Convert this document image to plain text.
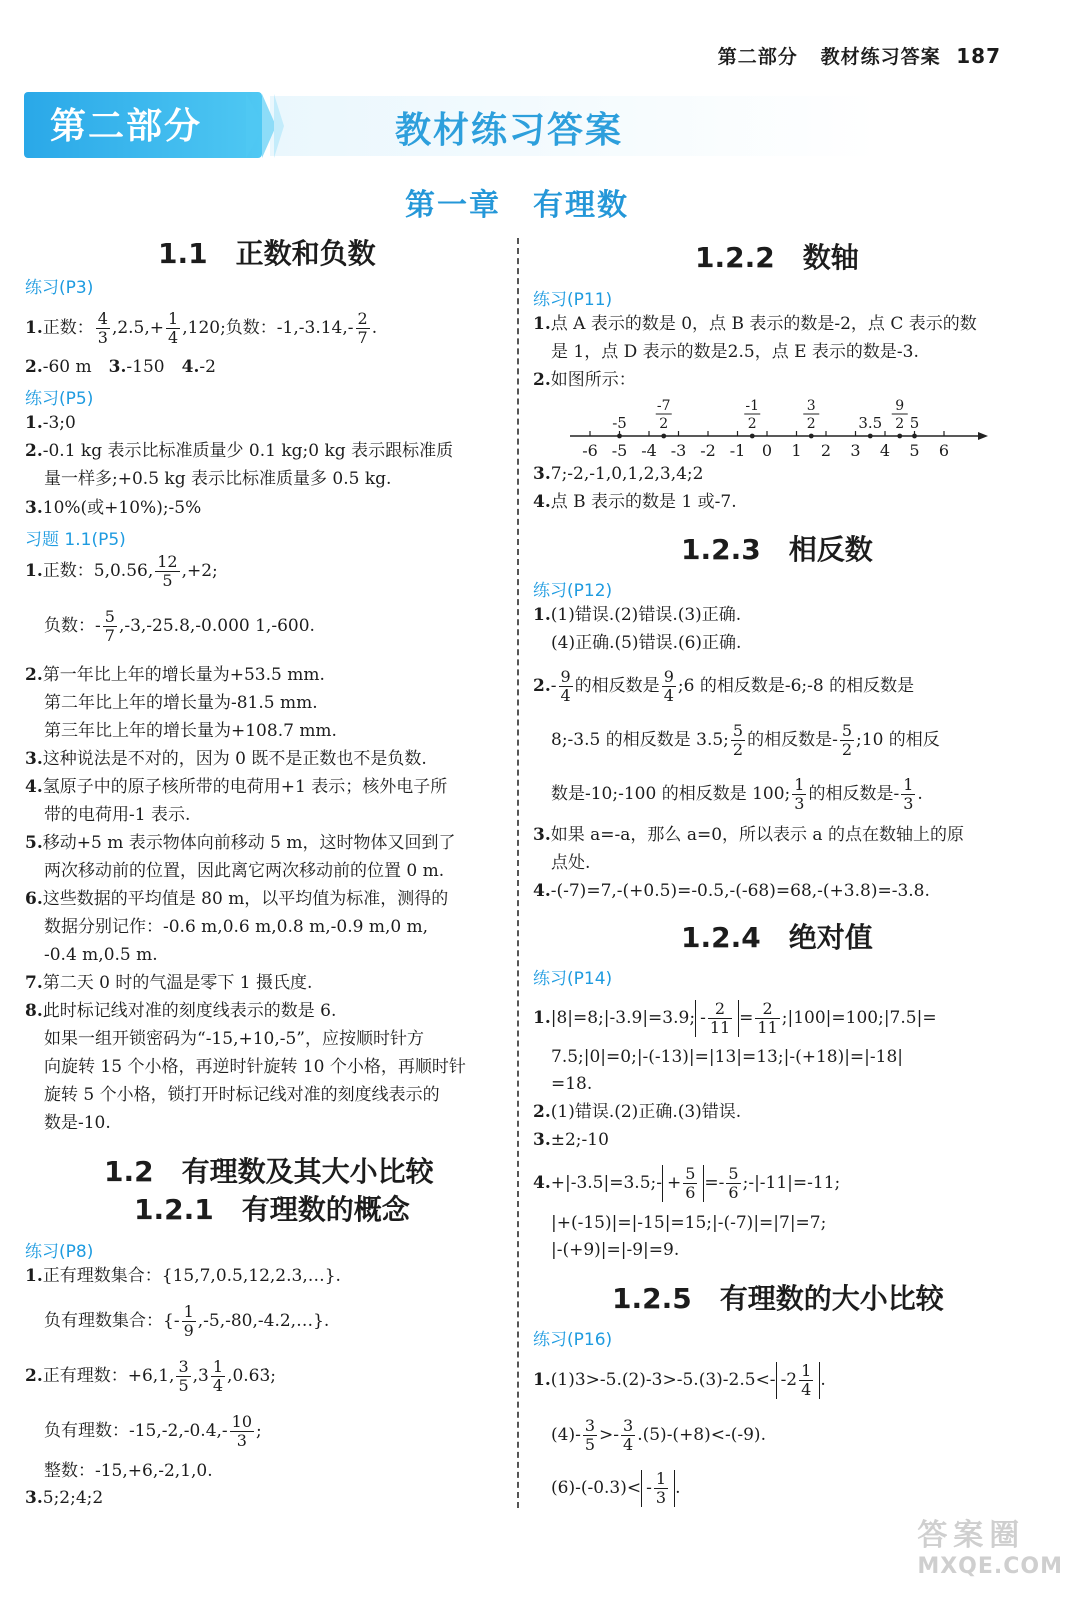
第二部分 教材练习答案 187
第二部分	教材练习答案
第一章　有理数
1.1　正数和负数
练习(P3)
1.正数： $\frac{4}{3} ,2.5,+ \frac{1}{4} ,120$;负数：$-1,-3.14,- \frac{2}{7}$ .
2.-60 m　3.-150　4.-2
练习(P5)
1.-3;0
2.-0.1 kg 表示比标准质量少 0.1 kg;0 kg 表示跟标准质
量一样多;+0.5 kg 表示比标准质量多 0.5 kg.
3.10%(或+10%);-5%
习题 1.1(P5)
1.正数：5,0.56, $\frac{12}{5} ,+2$;
负数：- $\frac{5}{7} ,-3,-25.8,-0.000$ 1,-600.
2.第一年比上年的增长量为+53.5 mm.
第二年比上年的增长量为-81.5 mm.
第三年比上年的增长量为+108.7 mm.
3.这种说法是不对的，因为 0 既不是正数也不是负数.
4.氢原子中的原子核所带的电荷用+1 表示；核外电子所
带的电荷用-1 表示.
5.移动+5 m 表示物体向前移动 5 m，这时物体又回到了
两次移动前的位置，因此离它两次移动前的位置 0 m.
6.这些数据的平均值是 80 m，以平均值为标准，测得的
数据分别记作：-0.6 m,0.6 m,0.8 m,-0.9 m,0 m,
-0.4 m,0.5 m.
7.第二天 0 时的气温是零下 1 摄氏度.
8.此时标记线对准的刻度线表示的数是 6.
如果一组开锁密码为“-15,+10,-5”，应按顺时针方
向旋转 15 个小格，再逆时针旋转 10 个小格，再顺时针
旋转 5 个小格，锁打开时标记线对准的刻度线表示的
数是-10.
1.2　有理数及其大小比较
1.2.1　有理数的概念
练习(P8)
1.正有理数集合：{15,7,0.5,12,2.3,…}.
负有理数集合：{- $\frac{1}{9}$ ,-5,-80,-4.2,…}.
2.正有理数：+6,1, $\frac{3}{5} ,3 \frac{1}{4}$ ,0.63̇;
负有理数：-15,-2,-0.4̇,- $\frac{10}{3}$ ;
整数：-15,+6,-2,1,0.
3.5;2;4;2
1.2.2　数轴
练习(P11)
1.点 A 表示的数是 0，点 B 表示的数是-2，点 C 表示的数
是 1，点 D 表示的数是2.5，点 E 表示的数是-3.
2.如图所示：
-6 -5 -4 -3 -2 -1 0 1 2 3 4 5 6
-5
-7
2
-1
2
3
2	3.5
9
2 5
3.7;-2,-1,0,1,2,3,4;2
4.点 B 表示的数是 1 或-7.
1.2.3　相反数
练习(P12)
1.(1)错误.(2)错误.(3)正确.
(4)正确.(5)错误.(6)正确.
$2.- \frac{9}{4}$ 的相反数是 $\frac{9}{4}$ ;6 的相反数是-6;-8 的相反数是
8;-3.5 的相反数是 3.5; $\frac{5}{2}$ 的相反数是- $\frac{5}{2}$ ;10 的相反
数是-10;-100 的相反数是 100; $\frac{1}{3}$ 的相反数是- $\frac{1}{3}$ .
3.如果 a=-a，那么 a=0，所以表示 a 的点在数轴上的原
点处.
4.-(-7)=7,-(+0.5)=-0.5,-(-68)=68,-(+3.8)=-3.8.
1.2.4　绝对值
练习(P14)
1.|8|=8;|-3.9|=3.9; - $\frac{2}{11} = \frac{2}{11}$ ;|100|=100;|7.5|=
7.5;|0|=0;|-(-13)|=|13|=13;|-(+18)|=|-18|
=18.
2.(1)错误.(2)正确.(3)错误.
3.±2;-10
4.+|-3.5|=3.5;- + $\frac{5}{6} =- \frac{5}{6}$ ;-|-11|=-11;
|+(-15)|=|-15|=15;|-(-7)|=|7|=7;
|-(+9)|=|-9|=9.
1.2.5　有理数的大小比较
练习(P16)
1.(1)3>-5.(2)-3>-5.(3)-2.5<- $-2 \frac{1}{4}$ .
$(4)- \frac{3}{5} >- \frac{3}{4} .(5)-(+8)<-(-9)$.
$(6)-(-0.3)< - \frac{1}{3}$ .
答案圈
MXQE.COM
